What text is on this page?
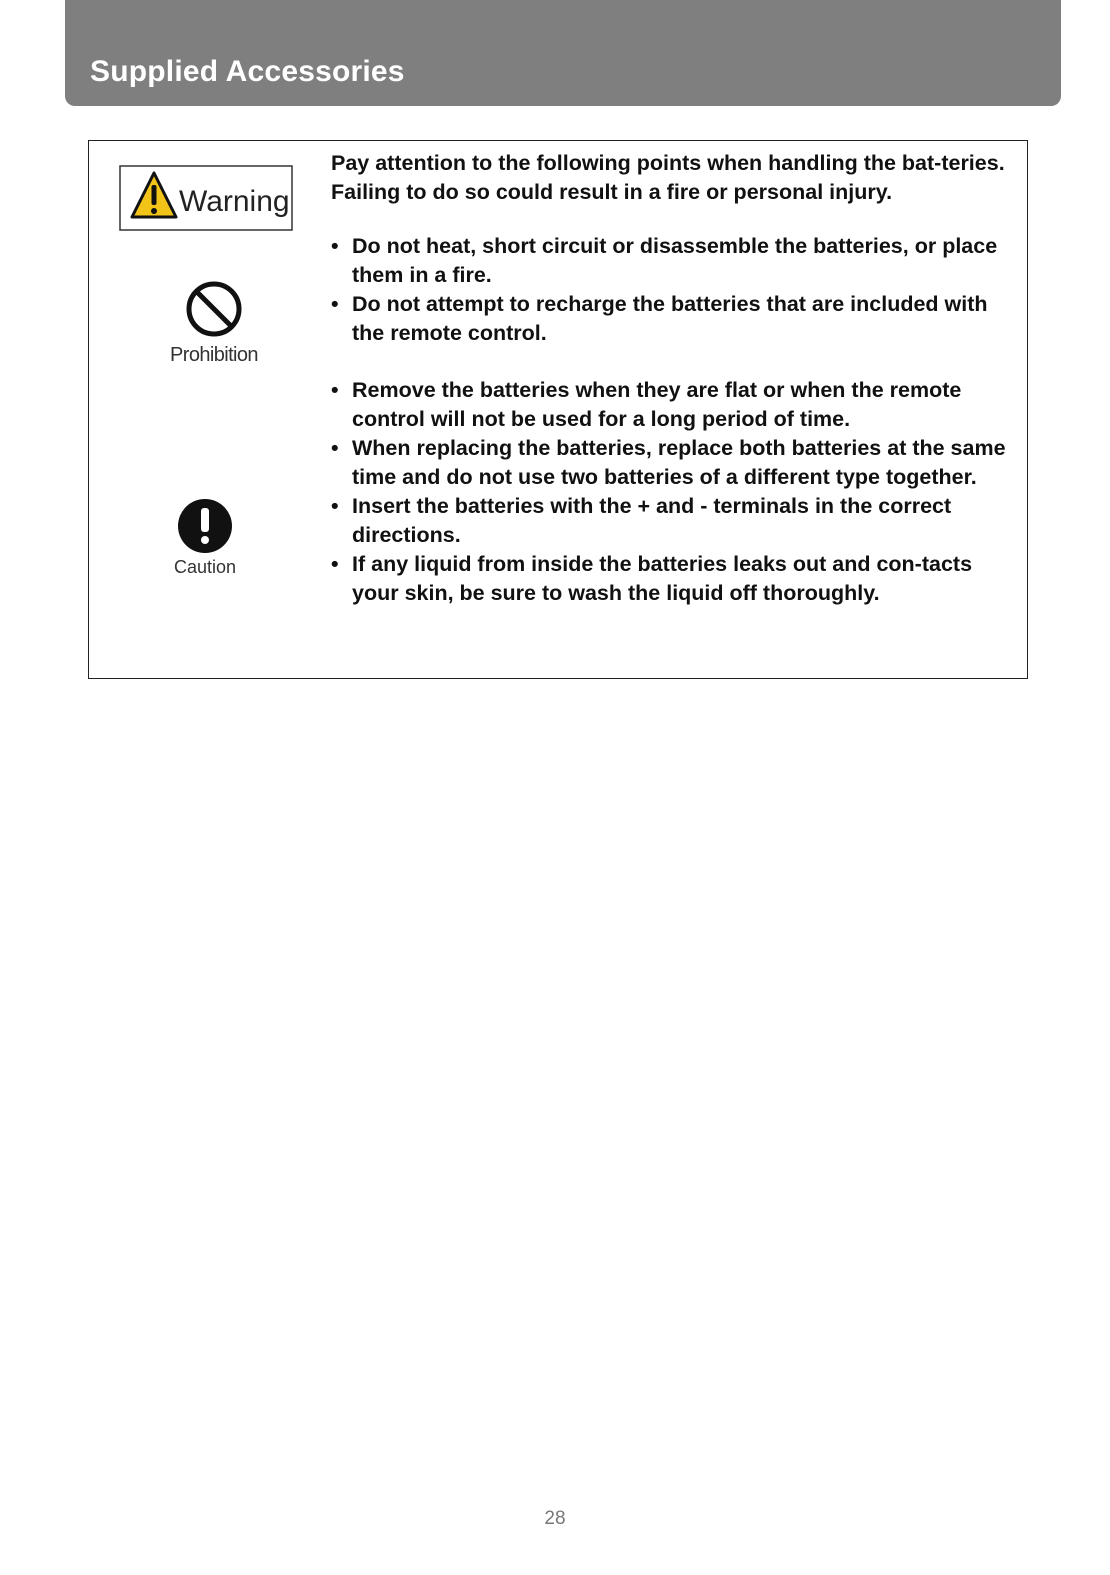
Supplied Accessories
Warning
Prohibition
Caution

Pay attention to the following points when handling the bat-teries. Failing to do so could result in a fire or personal injury.

• Do not heat, short circuit or disassemble the batteries, or place them in a fire.
• Do not attempt to recharge the batteries that are included with the remote control.
• Remove the batteries when they are flat or when the remote control will not be used for a long period of time.
• When replacing the batteries, replace both batteries at the same time and do not use two batteries of a different type together.
• Insert the batteries with the + and - terminals in the correct directions.
• If any liquid from inside the batteries leaks out and con-tacts your skin, be sure to wash the liquid off thoroughly.
28
